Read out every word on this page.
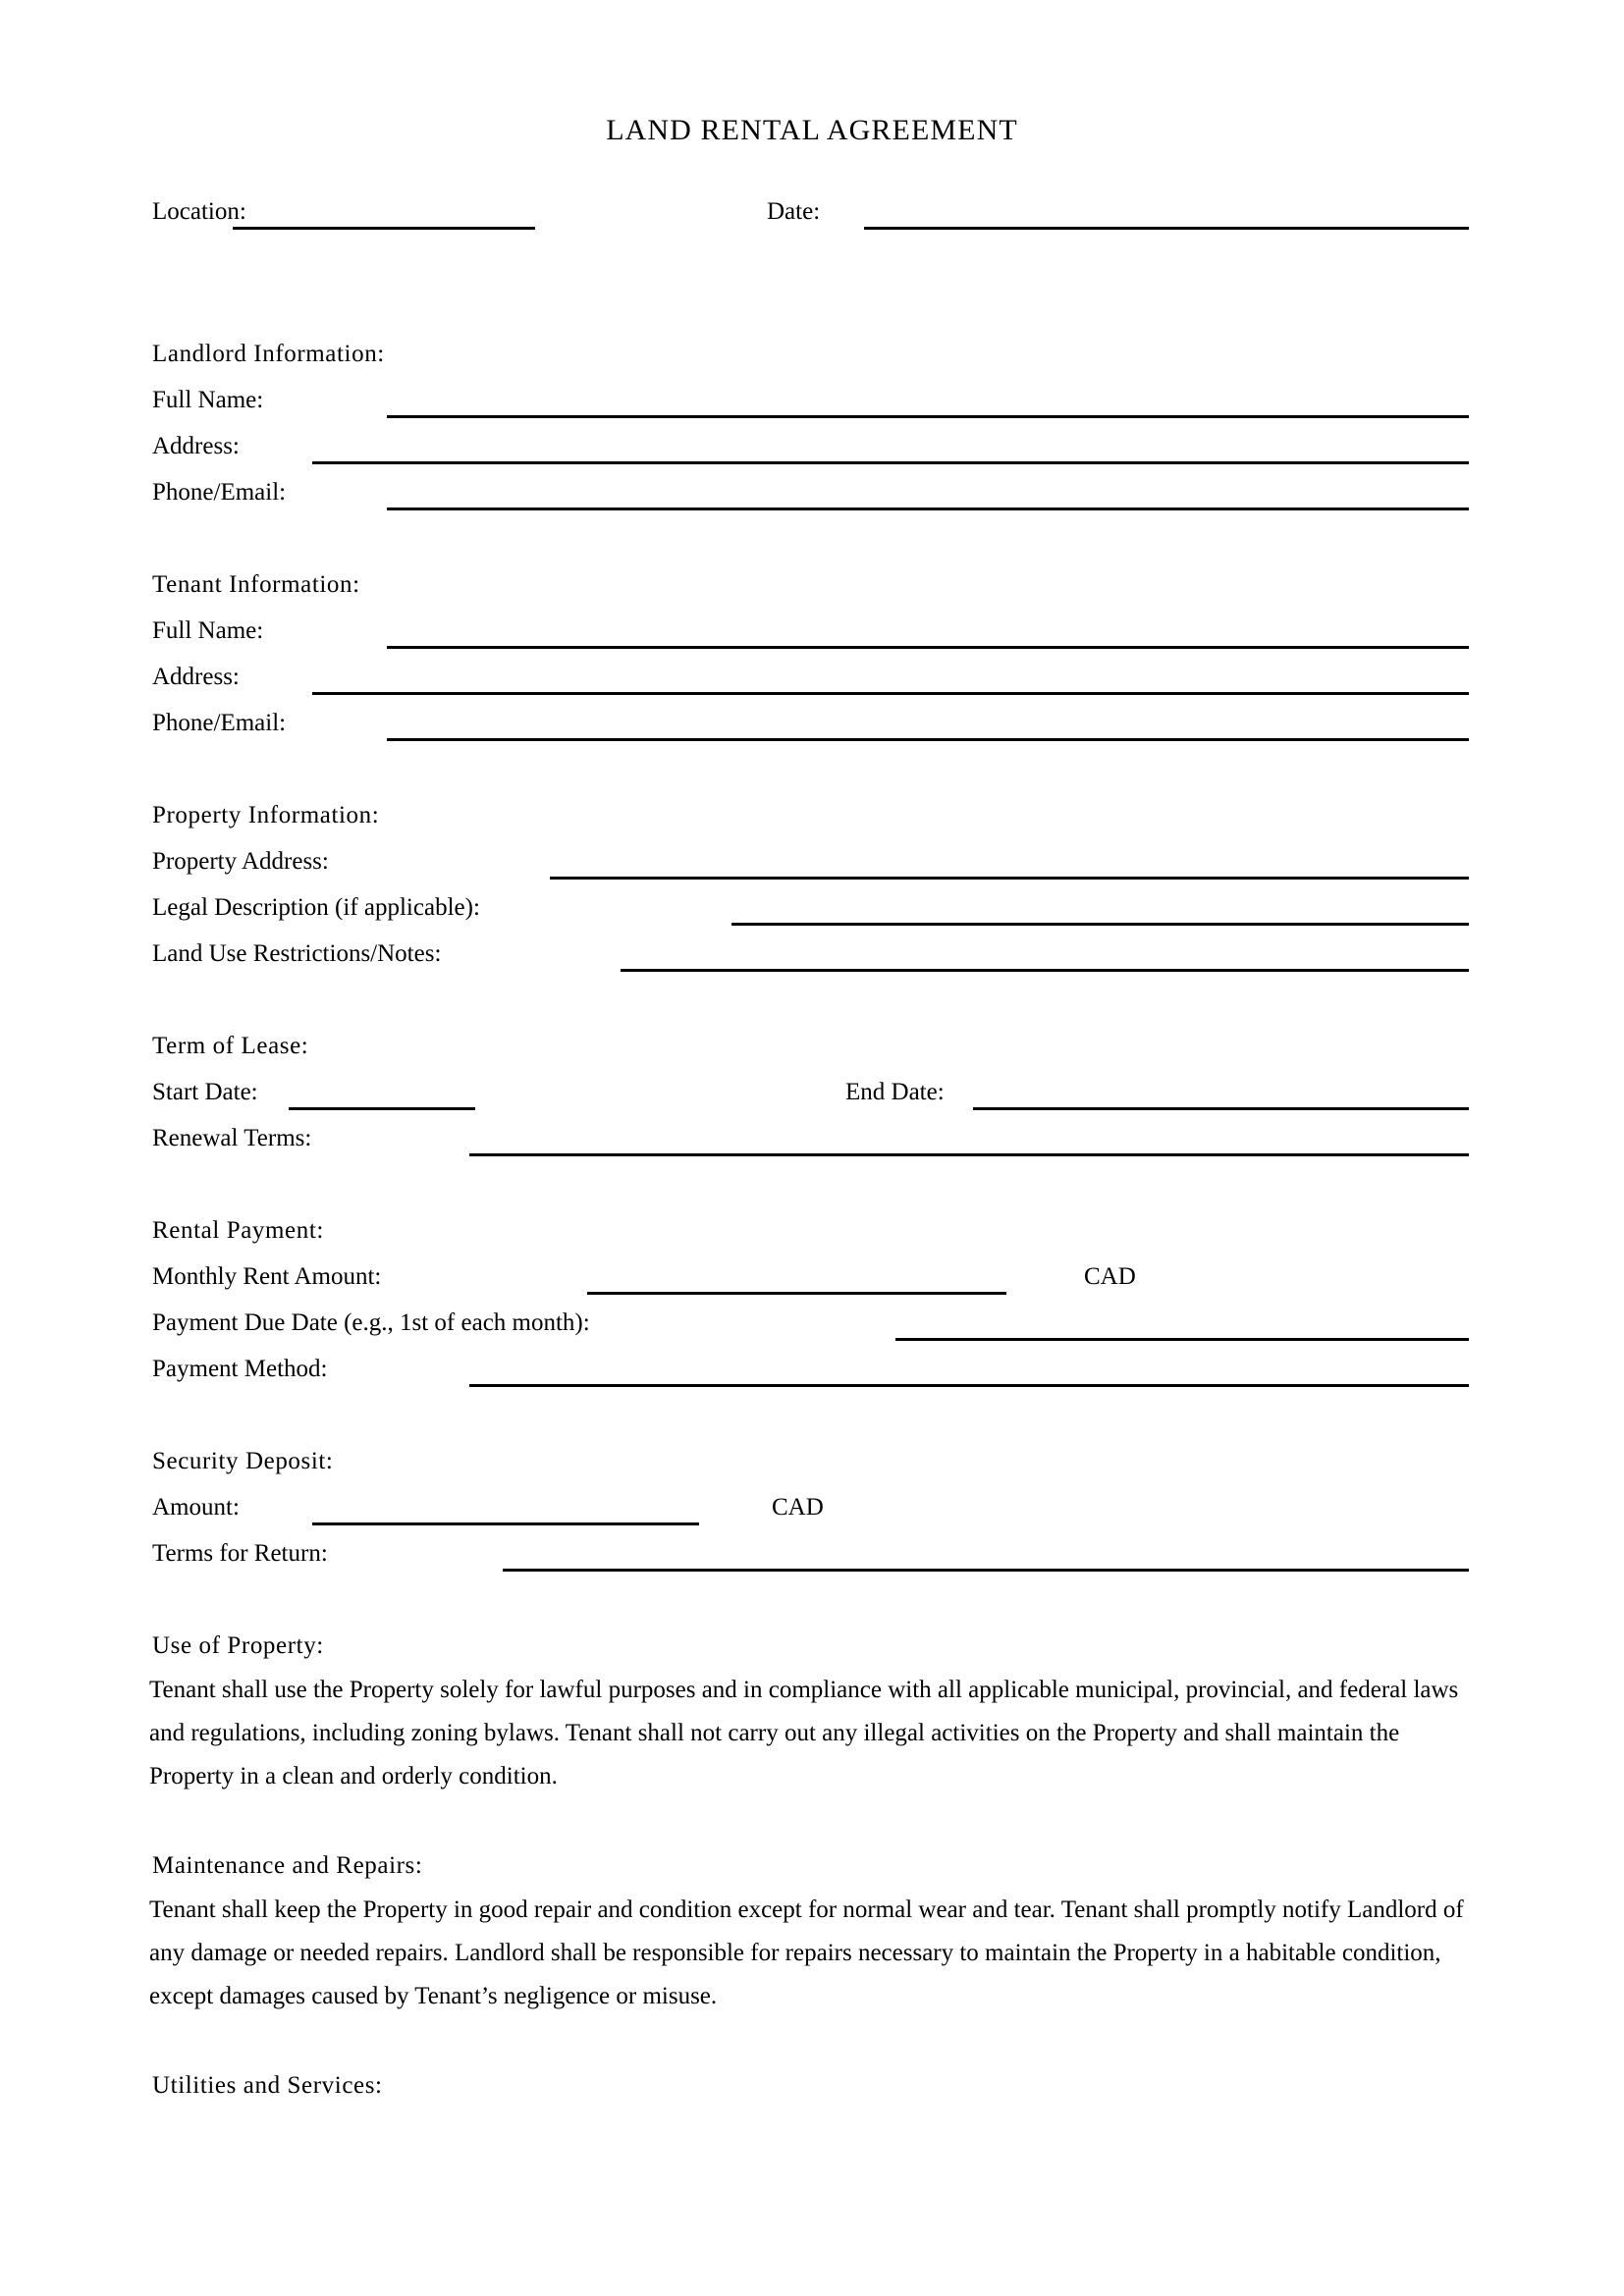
LAND RENTAL AGREEMENT
Location:	Date:
Landlord Information:
Full Name:
Address:
Phone/Email:
Tenant Information:
Full Name:
Address:
Phone/Email:
Property Information:
Property Address:
Legal Description (if applicable):
Land Use Restrictions/Notes:
Term of Lease:
Start Date:	End Date:
Renewal Terms:
Rental Payment:
Monthly Rent Amount:	CAD
Payment Due Date (e.g., 1st of each month):
Payment Method:
Security Deposit:
Amount:	CAD
Terms for Return:
Use of Property:
Tenant shall use the Property solely for lawful purposes and in compliance with all applicable municipal, provincial, and federal laws and regulations, including zoning bylaws. Tenant shall not carry out any illegal activities on the Property and shall maintain the Property in a clean and orderly condition.
Maintenance and Repairs:
Tenant shall keep the Property in good repair and condition except for normal wear and tear. Tenant shall promptly notify Landlord of any damage or needed repairs. Landlord shall be responsible for repairs necessary to maintain the Property in a habitable condition, except damages caused by Tenant’s negligence or misuse.
Utilities and Services:
